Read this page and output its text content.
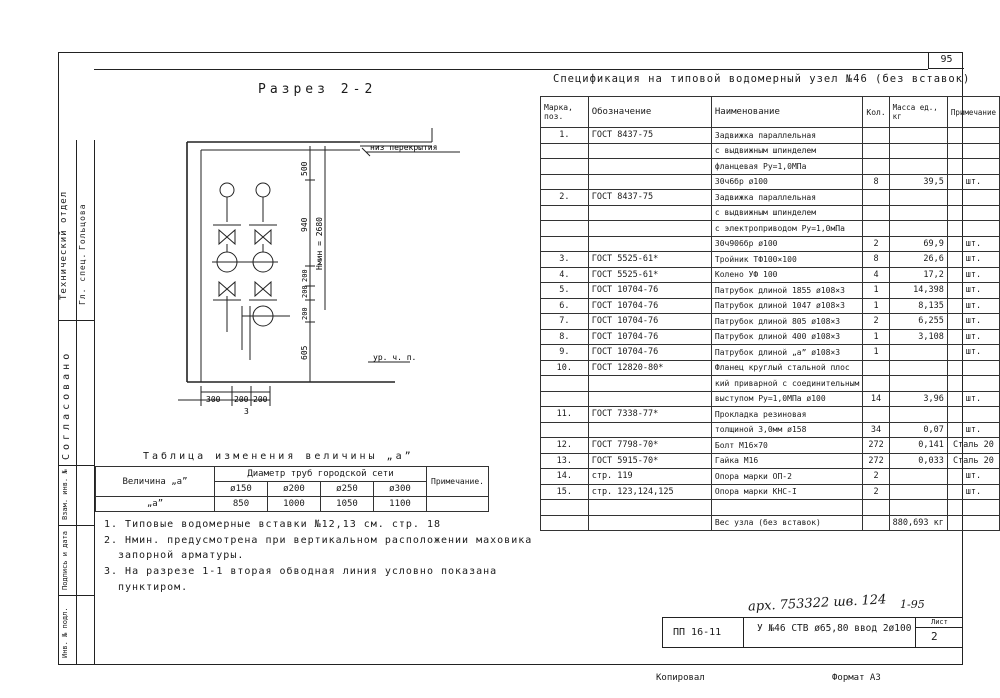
95
Технический отдел Гл. спец.
Гольцова
Согласовано
Инв. № подл.
Подпись и дата
Взам. инв. №
Разрез 2-2
низ перекрытия
ур. ч. п.
500
940 Hмин = 2680
200
200
200
605
300 200 200
3
Спецификация на типовой водомерный узел №46 (без вставок)
Марка, поз.	Обозначение	Наименование	Кол.	Масса ед., кг	Примечание
1.	ГОСТ 8437-75	Задвижка параллельная			
		с выдвижным шпинделем			
		фланцевая Ру=1,0МПа			
		30ч6бр ø100	8	39,5	шт.
2.	ГОСТ 8437-75	Задвижка параллельная			
		с выдвижным шпинделем			
		с электроприводом Ру=1,0мПа			
		30ч906бр ø100	2	69,9	шт.
3.	ГОСТ 5525-61*	Тройник ТФ100×100	8	26,6	шт.
4.	ГОСТ 5525-61*	Колено УФ 100	4	17,2	шт.
5.	ГОСТ 10704-76	Патрубок длиной 1855 ø108×3	1	14,398	шт.
6.	ГОСТ 10704-76	Патрубок длиной 1047 ø108×3	1	8,135	шт.
7.	ГОСТ 10704-76	Патрубок длиной 805 ø108×3	2	6,255	шт.
8.	ГОСТ 10704-76	Патрубок длиной 400 ø108×3	1	3,108	шт.
9.	ГОСТ 10704-76	Патрубок длиной „а” ø108×3	1		шт.
10.	ГОСТ 12820-80*	Фланец круглый стальной плос			
		кий приварной с соединительным			
		выступом Ру=1,0МПа ø100	14	3,96	шт.
11.	ГОСТ 7338-77*	Прокладка резиновая			
		толщиной 3,0мм ø158	34	0,07	шт.
12.	ГОСТ 7798-70*	Болт М16×70	272	0,141	Сталь 20
13.	ГОСТ 5915-70*	Гайка М16	272	0,033	Сталь 20
14.	стр. 119	Опора марки ОП-2	2		шт.
15.	стр. 123,124,125	Опора марки КНС-I	2		шт.

		Вес узла (без вставок)		880,693 кг	
Таблица изменения величины „а”
Величина „а”	Диаметр труб городской сети				Примечание.
	ø150	ø200	ø250	ø300	
„а”	850	1000	1050	1100	
1. Типовые водомерные вставки №12,13 см. стр. 18
2. Нмин. предусмотрена при вертикальном расположении маховика
запорной арматуры.
3. На разрезе 1-1 вторая обводная линия условно показана
пунктиром.
арх. 753322 шв. 124 1-95
ПП 16-11	У №46 СТВ ø65,80 ввод 2ø100
Лист
2
Копировал	Формат А3
